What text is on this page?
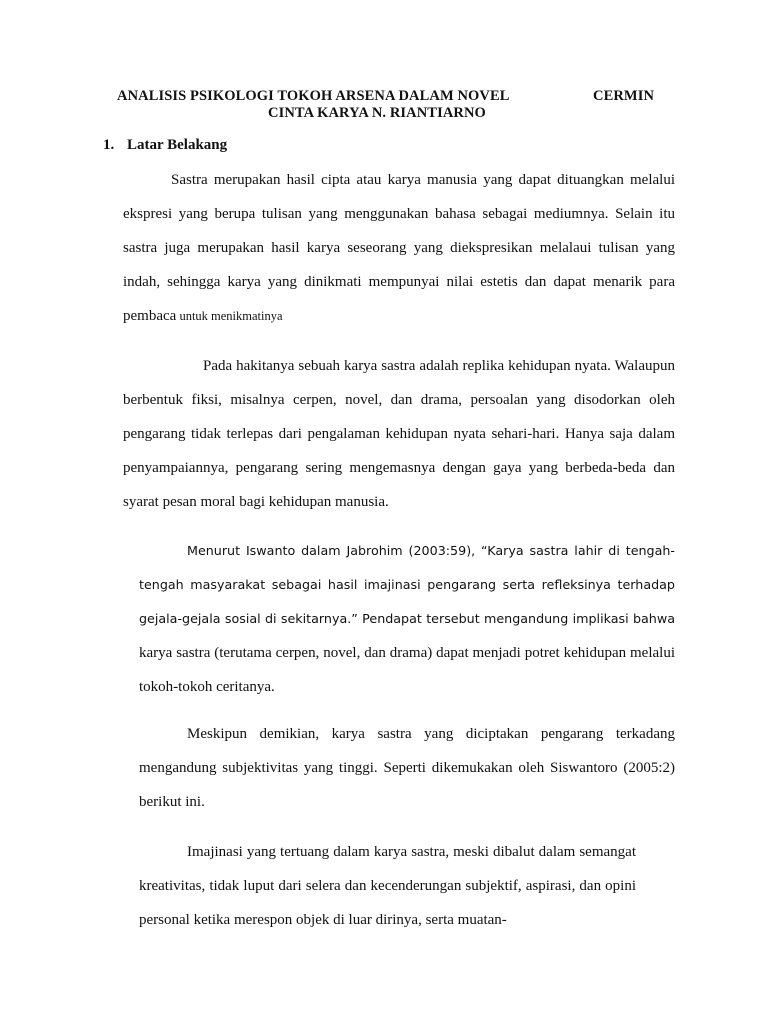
ANALISIS PSIKOLOGI TOKOH ARSENA DALAM NOVEL	CERMIN
CINTA KARYA N. RIANTIARNO
1. Latar Belakang

Sastra merupakan hasil cipta atau karya manusia yang dapat dituangkan melalui ekspresi yang berupa tulisan yang menggunakan bahasa sebagai mediumnya. Selain itu sastra juga merupakan hasil karya seseorang yang diekspresikan melalaui tulisan yang indah, sehingga karya yang dinikmati mempunyai nilai estetis dan dapat menarik para pembaca untuk menikmatinya

Pada hakitanya sebuah karya sastra adalah replika kehidupan nyata. Walaupun berbentuk fiksi, misalnya cerpen, novel, dan drama, persoalan yang disodorkan oleh pengarang tidak terlepas dari pengalaman kehidupan nyata sehari-hari. Hanya saja dalam penyampaiannya, pengarang sering mengemasnya dengan gaya yang berbeda-beda dan syarat pesan moral bagi kehidupan manusia.

Menurut Iswanto dalam Jabrohim (2003:59), “Karya sastra lahir di tengah-tengah masyarakat sebagai hasil imajinasi pengarang serta refleksinya terhadap gejala-gejala sosial di sekitarnya.” Pendapat tersebut mengandung implikasi bahwa karya sastra (terutama cerpen, novel, dan drama) dapat menjadi potret kehidupan melalui tokoh-tokoh ceritanya.

Meskipun demikian, karya sastra yang diciptakan pengarang terkadang mengandung subjektivitas yang tinggi. Seperti dikemukakan oleh Siswantoro (2005:2) berikut ini.

Imajinasi yang tertuang dalam karya sastra, meski dibalut dalam semangat kreativitas, tidak luput dari selera dan kecenderungan subjektif, aspirasi, dan opini personal ketika merespon objek di luar dirinya, serta muatan-
